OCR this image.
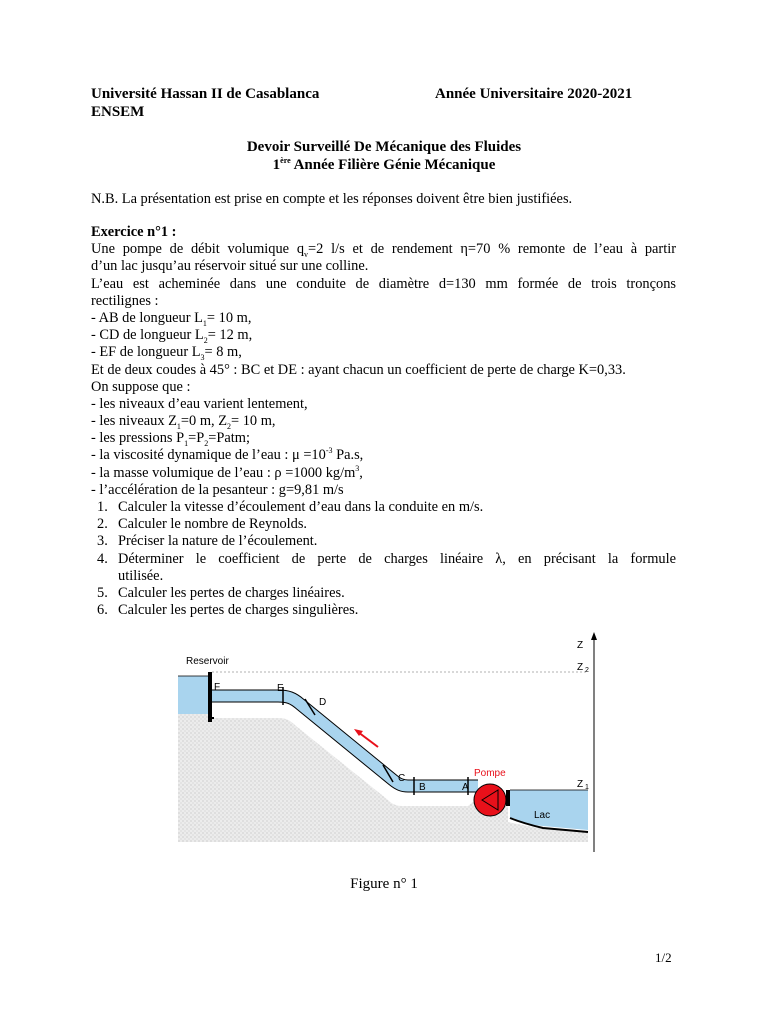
Université Hassan II de Casablanca	Année Universitaire 2020-2021
ENSEM
Devoir Surveillé De Mécanique des Fluides
1ère Année Filière Génie Mécanique
N.B. La présentation est prise en compte et les réponses doivent être bien justifiées.
Exercice n°1 :
Une pompe de débit volumique $q_v=2$ l/s et de rendement η=70 % remonte de l’eau à partir
d’un lac jusqu’au réservoir situé sur une colline.
L’eau est acheminée dans une conduite de diamètre d=130 mm formée de trois tronçons
rectilignes :
- AB de longueur $L_1= 10$ m,
- CD de longueur $L_2= 12$ m,
- EF de longueur $L_3= 8$ m,
Et de deux coudes à 45° : BC et DE : ayant chacun un coefficient de perte de charge K=0,33.
On suppose que :
- les niveaux d’eau varient lentement,
- les niveaux $Z_1=0$ m, $Z_2= 10$ m,
- les pressions $P_1=P_2=Patm$;
- la viscosité dynamique de l’eau : $\mu =10^{-3}$ Pa.s,
- la masse volumique de l’eau : ρ =1000 $kg/m^3$,
- l’accélération de la pesanteur : g=9,81 m/s
1. Calculer la vitesse d’écoulement d’eau dans la conduite en m/s.
2. Calculer le nombre de Reynolds.
3. Préciser la nature de l’écoulement.
4. Déterminer le coefficient de perte de charges linéaire λ, en précisant la formule
utilisée.
5. Calculer les pertes de charges linéaires.
6. Calculer les pertes de charges singulières.
Reservoir
F	E
D
C
B	A
Pompe
Lac
Z
Z 2
Z 1
Figure n° 1
1/2
